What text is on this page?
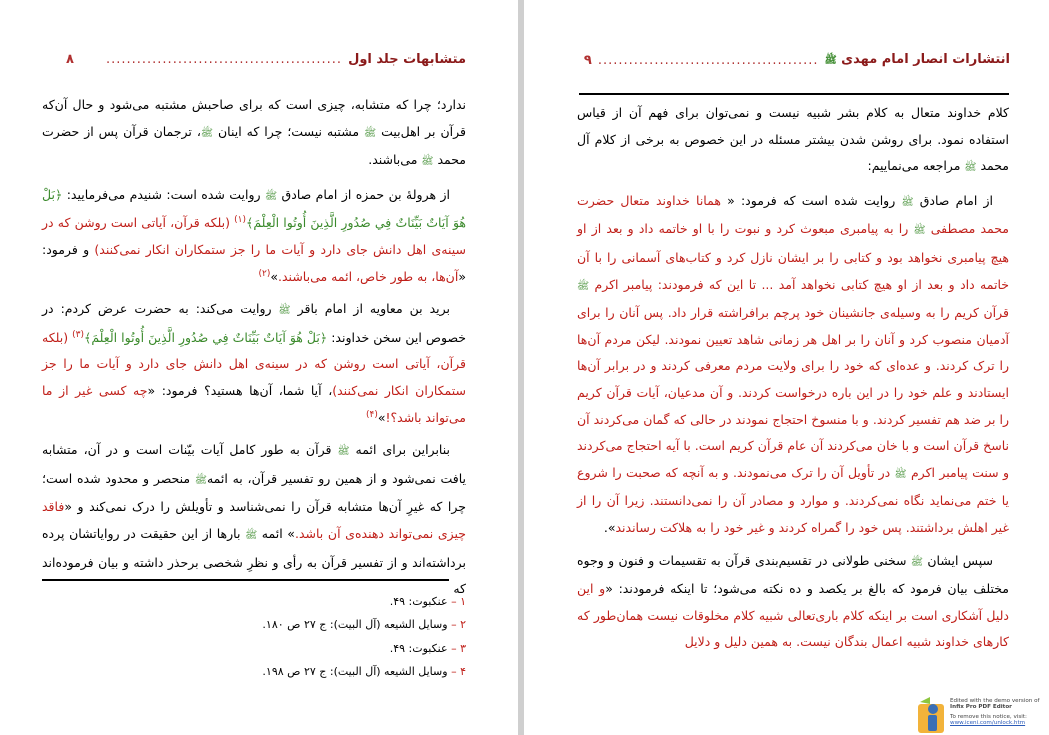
متشابهات جلد اول
..............................................
۸

ندارد؛ چرا که متشابه، چیزی است که برای صاحبش مشتبه می‌شود و حال آن‌که قرآن بر اهل‌بیت ﷺ مشتبه نیست؛ چرا که اینان ﷺ، ترجمان قرآن پس از حضرت محمد ﷺ می‌باشند.

از هرولهٔ بن حمزه از امام صادق ﷺ روایت شده است: شنیدم می‌فرمایید: ﴿بَلْ هُوَ آيَاتٌ بَيِّنَاتٌ فِي صُدُورِ الَّذِينَ أُوتُوا الْعِلْمَ﴾$^{(۱)}$ (بلکه قرآن، آیاتی است روشن که در سینه‌ی اهل دانش جای دارد و آیات ما را جز ستمکاران انکار نمی‌کنند) و فرمود: «آن‌ها، به طور خاص، ائمه می‌باشند.»$^{(۲)}$

برید بن معاویه از امام باقر ﷺ روایت می‌کند: به حضرت عرض کردم: در خصوص این سخن خداوند: ﴿بَلْ هُوَ آيَاتٌ بَيِّنَاتٌ فِي صُدُورِ الَّذِينَ أُوتُوا الْعِلْمَ﴾$^{(۳)}$ (بلکه قرآن، آیاتی است روشن که در سینه‌ی اهل دانش جای دارد و آیات ما را جز ستمکاران انکار نمی‌کنند)، آیا شما، آن‌ها هستید؟ فرمود: «چه کسی غیر از ما می‌تواند باشد؟!»$^{(۴)}$

بنابراین برای ائمه ﷺ قرآن به طور کامل آیات بیّنات است و در آن، متشابه یافت نمی‌شود و از همین رو تفسیر قرآن، به ائمهﷺ منحصر و محدود شده است؛ چرا که غیرِ آن‌ها متشابه قرآن را نمی‌شناسد و تأویلش را درک نمی‌کند و «فاقد چیزی نمی‌تواند دهنده‌ی آن باشد.» ائمه ﷺ بارها از این حقیقت در روایاتشان پرده برداشته‌اند و از تفسیر قرآن به رأی و نظرِ شخصی برحذر داشته و بیان فرموده‌اند که

۱ – عنکبوت: ۴۹.
۲ – وسایل الشیعه (آل البیت): ج ۲۷ ص ۱۸۰.
۳ – عنکبوت: ۴۹.
۴ – وسایل الشیعه (آل البیت): ج ۲۷ ص ۱۹۸.
انتشارات انصار امام مهدی ﷺ
...........................................
۹

کلام خداوند متعال به کلام بشر شبیه نیست و نمی‌توان برای فهم آن از قیاس استفاده نمود. برای روشن شدن بیشتر مسئله در این خصوص به برخی از کلام آل محمد ﷺ مراجعه می‌نماییم:

از امام صادق ﷺ روایت شده است که فرمود: « همانا خداوند متعال حضرت محمد مصطفی ﷺ را به پیامبری مبعوث کرد و نبوت را با او خاتمه داد و بعد از او هیچ پیامبری نخواهد بود و کتابی را بر ایشان نازل کرد و کتاب‌های آسمانی را با آن خاتمه داد و بعد از او هیچ کتابی نخواهد آمد ... تا این که فرمودند: پیامبر اکرم ﷺ قرآن کریم را به وسیله‌ی جانشینان خود پرچم برافراشته قرار داد. پس آنان را برای آدمیان منصوب کرد و آنان را بر اهل هر زمانی شاهد تعیین نمودند. لیکن مردم آن‌ها را ترک کردند. و عده‌ای که خود را برای ولایت مردم معرفی کردند و در برابر آن‌ها ایستادند و علم خود را در این باره درخواست کردند. و آن مدعیان، آیات قرآن کریم را بر ضد هم تفسیر کردند. و با منسوخ احتجاج نمودند در حالی که گمان می‌کردند آن ناسخ قرآن است و با خان می‌کردند آن عام قرآن کریم است. با آیه احتجاج می‌کردند و سنت پیامبر اکرم ﷺ در تأویل آن را ترک می‌نمودند. و به آنچه که صحبت را شروع یا ختم می‌نماید نگاه نمی‌کردند. و موارد و مصادر آن را نمی‌دانستند. زیرا آن را از غیر اهلش برداشتند. پس خود را گمراه کردند و غیر خود را به هلاکت رساندند».

سپس ایشان ﷺ سخنی طولانی در تقسیم‌بندی قرآن به تقسیمات و فنون و وجوه مختلف بیان فرمود که بالغ بر یکصد و ده نکته می‌شود؛ تا اینکه فرمودند: «و این دلیل آشکاری است بر اینکه کلام باری‌تعالی شبیه کلام مخلوقات نیست همان‌طور که کارهای خداوند شبیه اعمال بندگان نیست. به همین دلیل و دلایل

Edited with the demo version of
Infix Pro PDF Editor
To remove this notice, visit:
www.iceni.com/unlock.htm
